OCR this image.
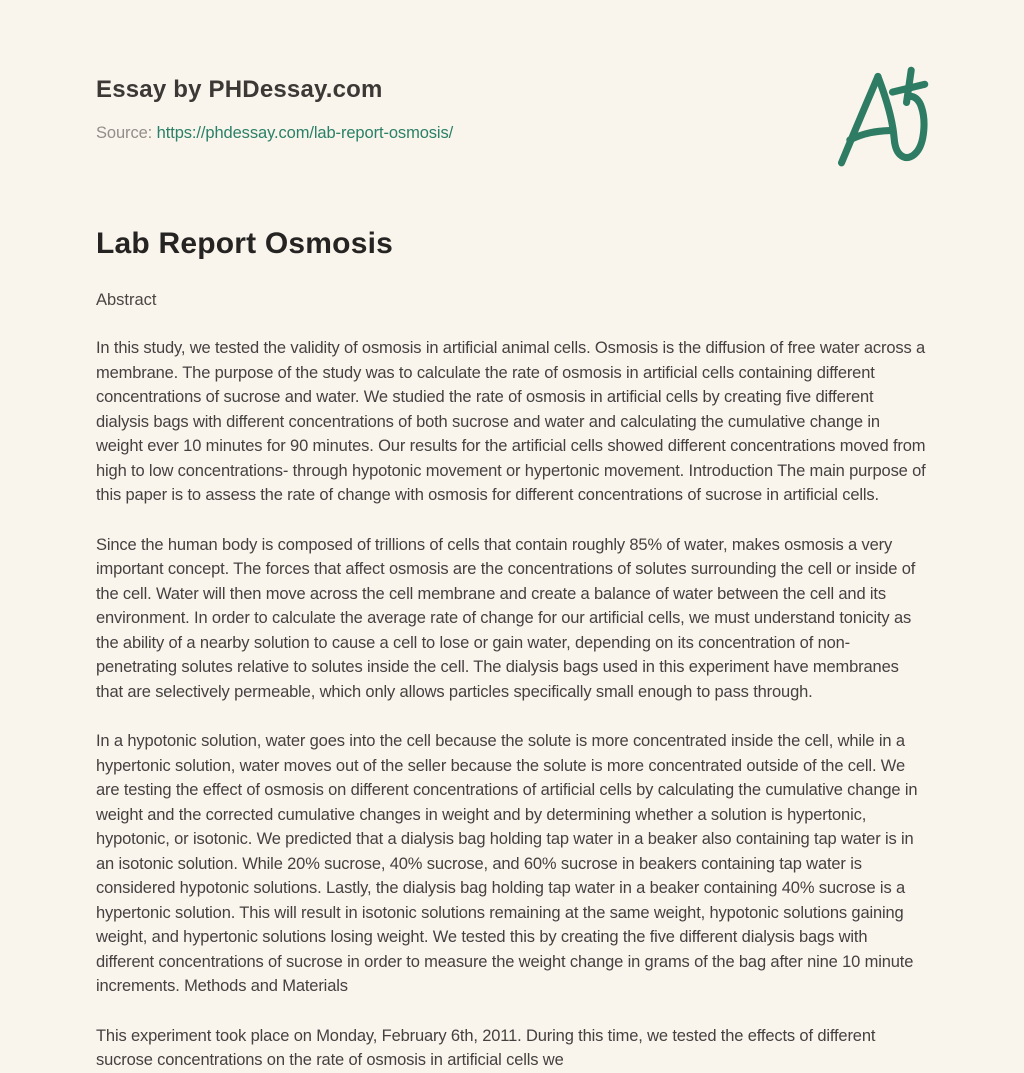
Essay by PHDessay.com
Source: https://phdessay.com/lab-report-osmosis/
Lab Report Osmosis
Abstract

In this study, we tested the validity of osmosis in artificial animal cells. Osmosis is the diffusion of free water across a membrane. The purpose of the study was to calculate the rate of osmosis in artificial cells containing different concentrations of sucrose and water. We studied the rate of osmosis in artificial cells by creating five different dialysis bags with different concentrations of both sucrose and water and calculating the cumulative change in weight ever 10 minutes for 90 minutes. Our results for the artificial cells showed different concentrations moved from high to low concentrations- through hypotonic movement or hypertonic movement. Introduction The main purpose of this paper is to assess the rate of change with osmosis for different concentrations of sucrose in artificial cells.

Since the human body is composed of trillions of cells that contain roughly 85% of water, makes osmosis a very important concept. The forces that affect osmosis are the concentrations of solutes surrounding the cell or inside of the cell. Water will then move across the cell membrane and create a balance of water between the cell and its environment. In order to calculate the average rate of change for our artificial cells, we must understand tonicity as the ability of a nearby solution to cause a cell to lose or gain water, depending on its concentration of non-penetrating solutes relative to solutes inside the cell. The dialysis bags used in this experiment have membranes that are selectively permeable, which only allows particles specifically small enough to pass through.

In a hypotonic solution, water goes into the cell because the solute is more concentrated inside the cell, while in a hypertonic solution, water moves out of the seller because the solute is more concentrated outside of the cell. We are testing the effect of osmosis on different concentrations of artificial cells by calculating the cumulative change in weight and the corrected cumulative changes in weight and by determining whether a solution is hypertonic, hypotonic, or isotonic. We predicted that a dialysis bag holding tap water in a beaker also containing tap water is in an isotonic solution. While 20% sucrose, 40% sucrose, and 60% sucrose in beakers containing tap water is considered hypotonic solutions. Lastly, the dialysis bag holding tap water in a beaker containing 40% sucrose is a hypertonic solution. This will result in isotonic solutions remaining at the same weight, hypotonic solutions gaining weight, and hypertonic solutions losing weight. We tested this by creating the five different dialysis bags with different concentrations of sucrose in order to measure the weight change in grams of the bag after nine 10 minute increments. Methods and Materials

This experiment took place on Monday, February 6th, 2011. During this time, we tested the effects of different sucrose concentrations on the rate of osmosis in artificial cells we
